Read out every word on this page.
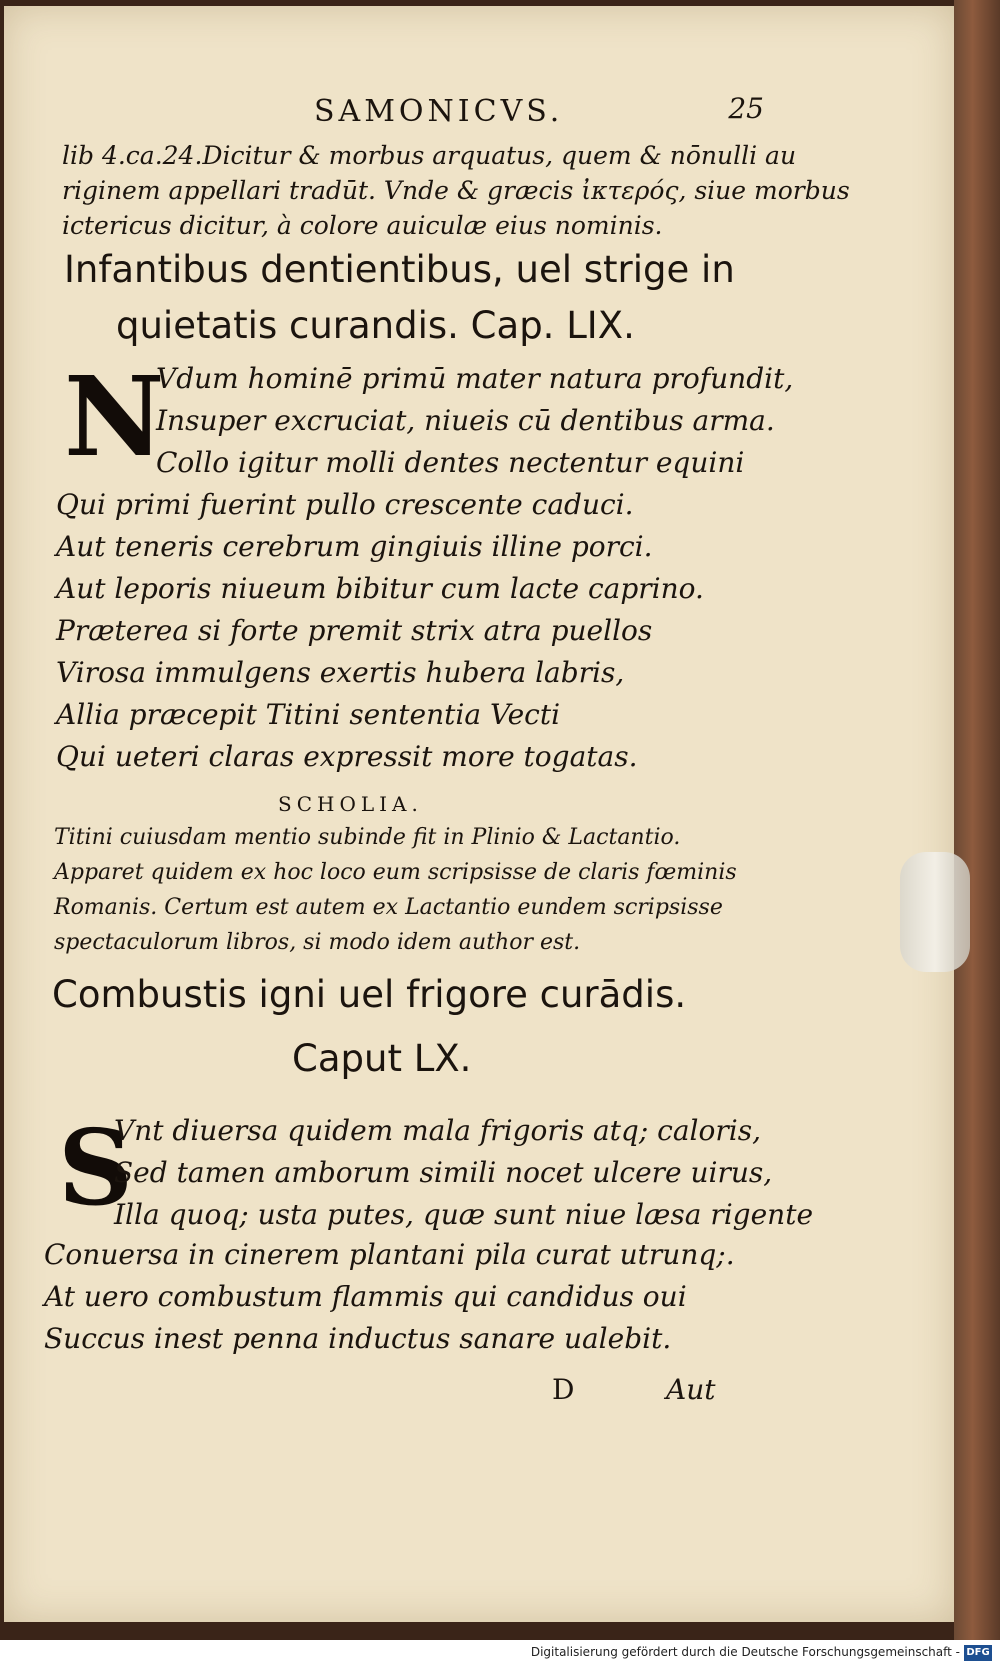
SAMONICVS.	25
lib 4.ca.24.Dicitur & morbus arquatus, quem & nōnulli au
riginem appellari tradūt. Vnde & græcis ἰκτερός, siue morbus
ictericus dicitur, à colore auiculæ eius nominis.
Infantibus dentientibus, uel strige in
quietatis curandis. Cap. LIX.
N
Vdum hominē primū mater natura profundit,
Insuper excruciat, niueis cū dentibus arma.
Collo igitur molli dentes nectentur equini
Qui primi fuerint pullo crescente caduci.
Aut teneris cerebrum gingiuis illine porci.
Aut leporis niueum bibitur cum lacte caprino.
Præterea si forte premit strix atra puellos
Virosa immulgens exertis hubera labris,
Allia præcepit Titini sententia Vecti
Qui ueteri claras expressit more togatas.
SCHOLIA.
Titini cuiusdam mentio subinde fit in Plinio & Lactantio.
Apparet quidem ex hoc loco eum scripsisse de claris fœminis
Romanis. Certum est autem ex Lactantio eundem scripsisse
spectaculorum libros, si modo idem author est.
Combustis igni uel frigore curādis.
Caput LX.
S
Vnt diuersa quidem mala frigoris atq; caloris,
Sed tamen amborum simili nocet ulcere uirus,
Illa quoq; usta putes, quæ sunt niue læsa rigente
Conuersa in cinerem plantani pila curat utrunq;.
At uero combustum flammis qui candidus oui
Succus inest penna inductus sanare ualebit.
D	Aut
Digitalisierung gefördert durch die Deutsche Forschungsgemeinschaft - DFG
